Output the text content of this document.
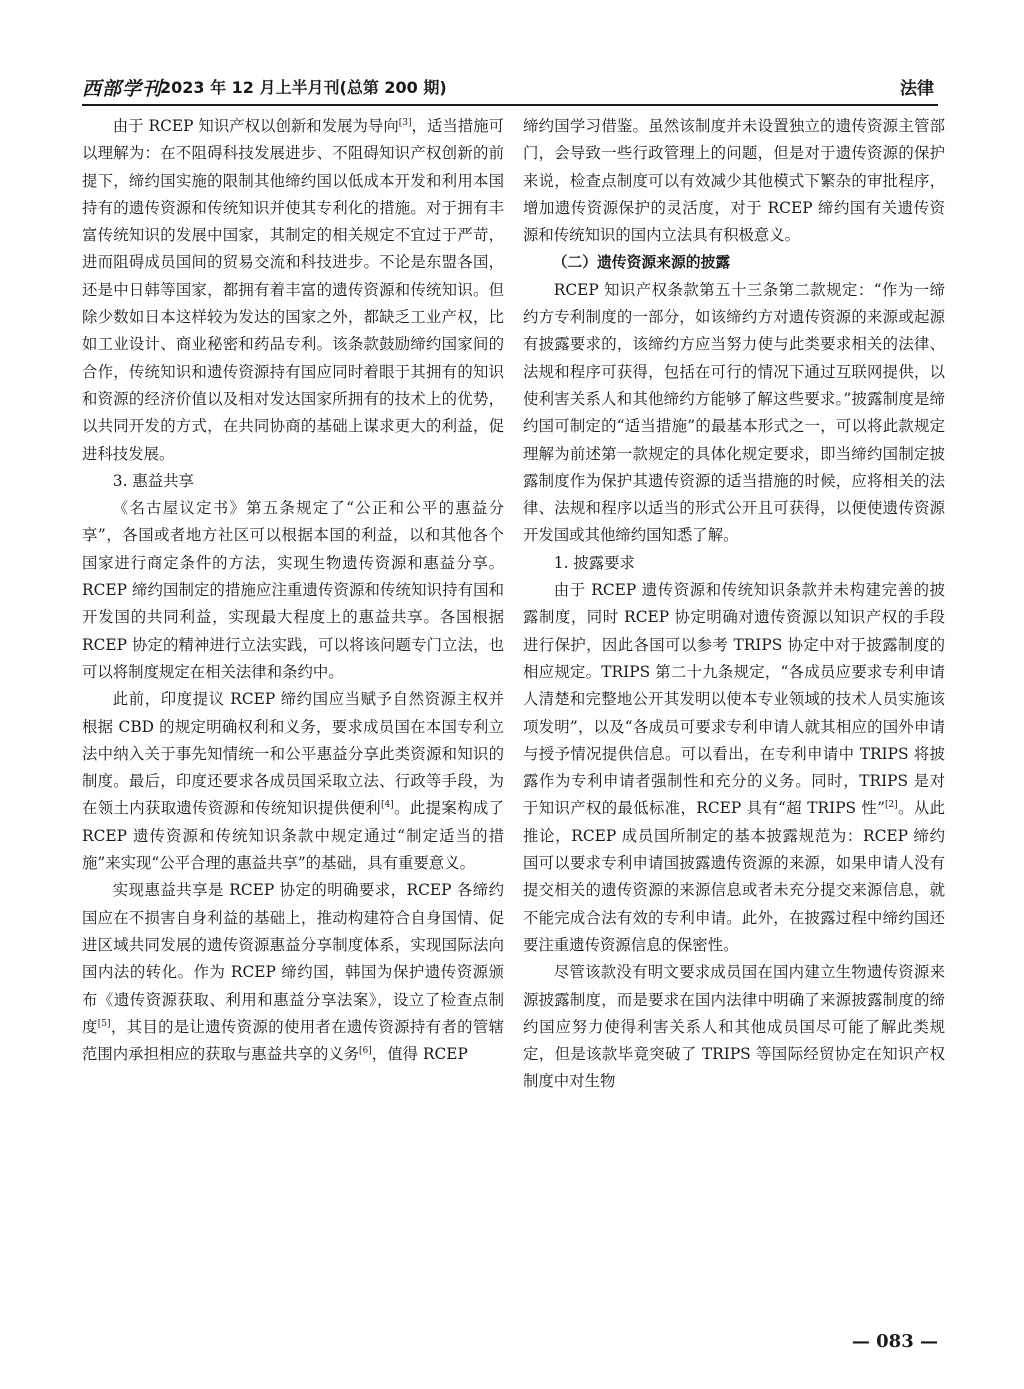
西部学刊
2023 年 12 月上半月刊(总第 200 期)	法律

由于 RCEP 知识产权以创新和发展为导向[3]，适当措施可以理解为：在不阻碍科技发展进步、不阻碍知识产权创新的前提下，缔约国实施的限制其他缔约国以低成本开发和利用本国持有的遗传资源和传统知识并使其专利化的措施。对于拥有丰富传统知识的发展中国家，其制定的相关规定不宜过于严苛，进而阻碍成员国间的贸易交流和科技进步。不论是东盟各国，还是中日韩等国家，都拥有着丰富的遗传资源和传统知识。但除少数如日本这样较为发达的国家之外，都缺乏工业产权，比如工业设计、商业秘密和药品专利。该条款鼓励缔约国家间的合作，传统知识和遗传资源持有国应同时着眼于其拥有的知识和资源的经济价值以及相对发达国家所拥有的技术上的优势，以共同开发的方式，在共同协商的基础上谋求更大的利益，促进科技发展。

3. 惠益共享

《名古屋议定书》第五条规定了“公正和公平的惠益分享”，各国或者地方社区可以根据本国的利益，以和其他各个国家进行商定条件的方法，实现生物遗传资源和惠益分享。RCEP 缔约国制定的措施应注重遗传资源和传统知识持有国和开发国的共同利益，实现最大程度上的惠益共享。各国根据 RCEP 协定的精神进行立法实践，可以将该问题专门立法，也可以将制度规定在相关法律和条约中。

此前，印度提议 RCEP 缔约国应当赋予自然资源主权并根据 CBD 的规定明确权利和义务，要求成员国在本国专利立法中纳入关于事先知情统一和公平惠益分享此类资源和知识的制度。最后，印度还要求各成员国采取立法、行政等手段，为在领土内获取遗传资源和传统知识提供便利[4]。此提案构成了 RCEP 遗传资源和传统知识条款中规定通过“制定适当的措施”来实现“公平合理的惠益共享”的基础，具有重要意义。

实现惠益共享是 RCEP 协定的明确要求，RCEP 各缔约国应在不损害自身利益的基础上，推动构建符合自身国情、促进区域共同发展的遗传资源惠益分享制度体系，实现国际法向国内法的转化。作为 RCEP 缔约国，韩国为保护遗传资源颁布《遗传资源获取、利用和惠益分享法案》，设立了检查点制度[5]，其目的是让遗传资源的使用者在遗传资源持有者的管辖范围内承担相应的获取与惠益共享的义务[6]，值得 RCEP

缔约国学习借鉴。虽然该制度并未设置独立的遗传资源主管部门，会导致一些行政管理上的问题，但是对于遗传资源的保护来说，检查点制度可以有效减少其他模式下繁杂的审批程序，增加遗传资源保护的灵活度，对于 RCEP 缔约国有关遗传资源和传统知识的国内立法具有积极意义。

（二）遗传资源来源的披露

RCEP 知识产权条款第五十三条第二款规定：“作为一缔约方专利制度的一部分，如该缔约方对遗传资源的来源或起源有披露要求的，该缔约方应当努力使与此类要求相关的法律、法规和程序可获得，包括在可行的情况下通过互联网提供，以使利害关系人和其他缔约方能够了解这些要求。”披露制度是缔约国可制定的“适当措施”的最基本形式之一，可以将此款规定理解为前述第一款规定的具体化规定要求，即当缔约国制定披露制度作为保护其遗传资源的适当措施的时候，应将相关的法律、法规和程序以适当的形式公开且可获得，以便使遗传资源开发国或其他缔约国知悉了解。

1. 披露要求

由于 RCEP 遗传资源和传统知识条款并未构建完善的披露制度，同时 RCEP 协定明确对遗传资源以知识产权的手段进行保护，因此各国可以参考 TRIPS 协定中对于披露制度的相应规定。TRIPS 第二十九条规定，“各成员应要求专利申请人清楚和完整地公开其发明以使本专业领域的技术人员实施该项发明”，以及“各成员可要求专利申请人就其相应的国外申请与授予情况提供信息。可以看出，在专利申请中 TRIPS 将披露作为专利申请者强制性和充分的义务。同时，TRIPS 是对于知识产权的最低标准，RCEP 具有“超 TRIPS 性”[2]。从此推论，RCEP 成员国所制定的基本披露规范为：RCEP 缔约国可以要求专利申请国披露遗传资源的来源，如果申请人没有提交相关的遗传资源的来源信息或者未充分提交来源信息，就不能完成合法有效的专利申请。此外，在披露过程中缔约国还要注重遗传资源信息的保密性。

尽管该款没有明文要求成员国在国内建立生物遗传资源来源披露制度，而是要求在国内法律中明确了来源披露制度的缔约国应努力使得利害关系人和其他成员国尽可能了解此类规定，但是该款毕竟突破了 TRIPS 等国际经贸协定在知识产权制度中对生物

— 083 —
